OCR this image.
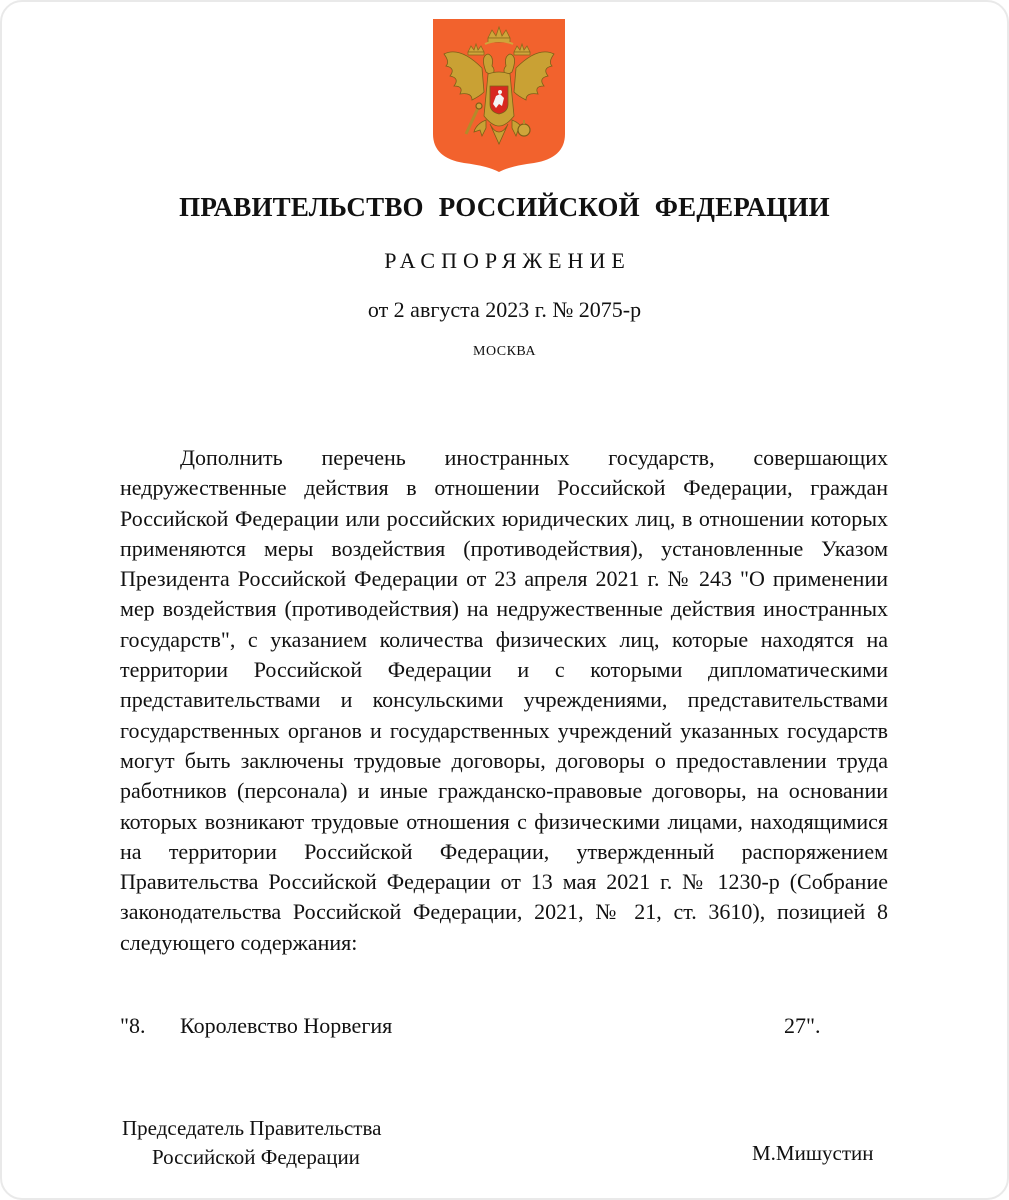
ПРАВИТЕЛЬСТВО РОССИЙСКОЙ ФЕДЕРАЦИИ
РАСПОРЯЖЕНИЕ
от 2 августа 2023 г. № 2075-р
МОСКВА

Дополнить перечень иностранных государств, совершающих недружественные действия в отношении Российской Федерации, граждан Российской Федерации или российских юридических лиц, в отношении которых применяются меры воздействия (противодействия), установленные Указом Президента Российской Федерации от 23 апреля 2021 г. № 243 "О применении мер воздействия (противодействия) на недружественные действия иностранных государств", с указанием количества физических лиц, которые находятся на территории Российской Федерации и с которыми дипломатическими представительствами и консульскими учреждениями, представительствами государственных органов и государственных учреждений указанных государств могут быть заключены трудовые договоры, договоры о предоставлении труда работников (персонала) и иные гражданско-правовые договоры, на основании которых возникают трудовые отношения с физическими лицами, находящимися на территории Российской Федерации, утвержденный распоряжением Правительства Российской Федерации от 13 мая 2021 г. № 1230-р (Собрание законодательства Российской Федерации, 2021, № 21, ст. 3610), позицией 8 следующего содержания:

"8. Королевство Норвегия	27".
Председатель Правительства
Российской Федерации	М.Мишустин
